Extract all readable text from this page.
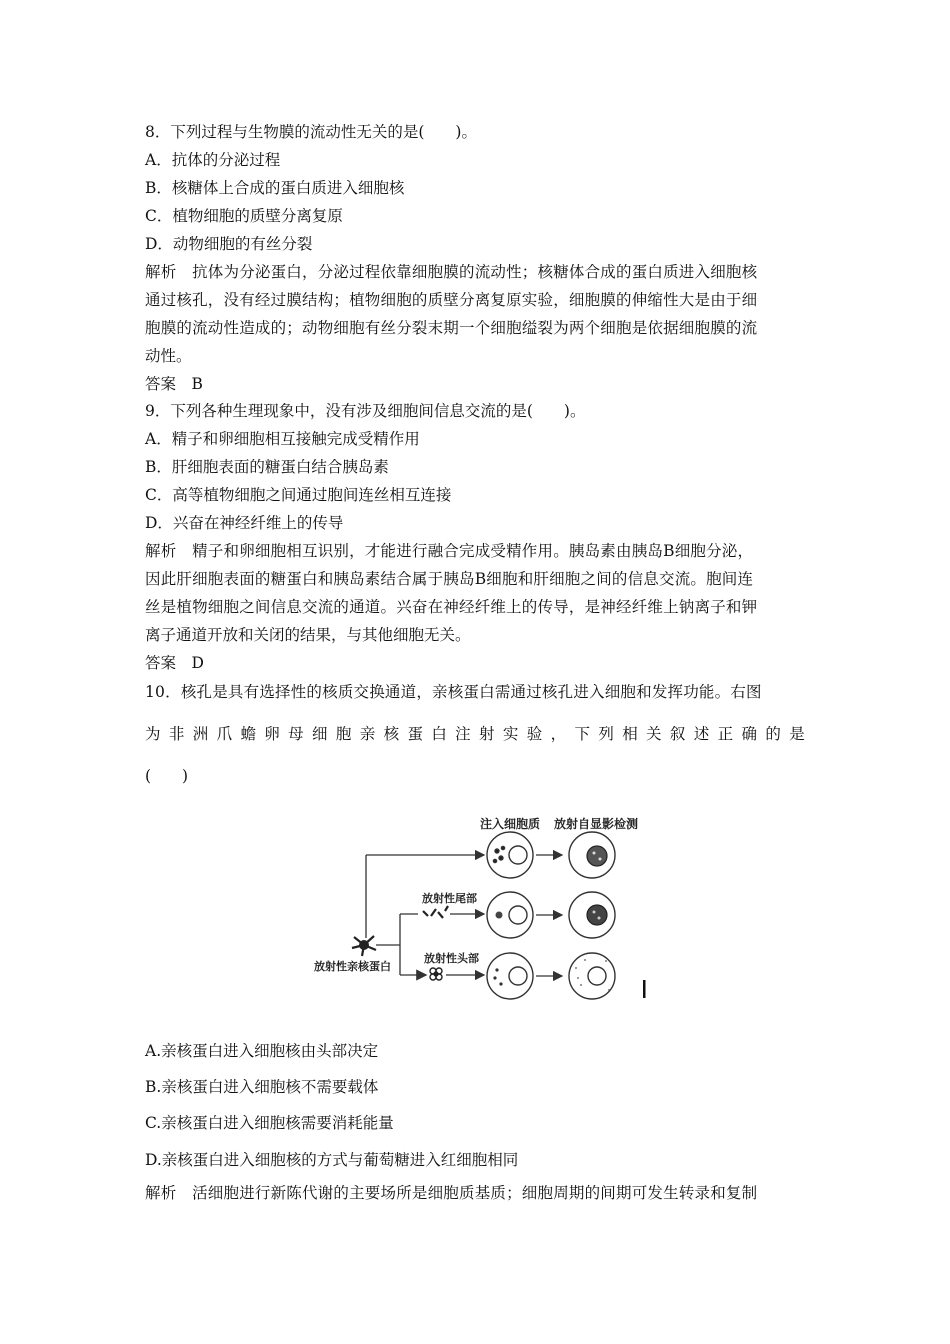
8．下列过程与生物膜的流动性无关的是(　　)。
A．抗体的分泌过程
B．核糖体上合成的蛋白质进入细胞核
C．植物细胞的质壁分离复原
D．动物细胞的有丝分裂
解析　抗体为分泌蛋白，分泌过程依靠细胞膜的流动性；核糖体合成的蛋白质进入细胞核
通过核孔，没有经过膜结构；植物细胞的质壁分离复原实验，细胞膜的伸缩性大是由于细
胞膜的流动性造成的；动物细胞有丝分裂末期一个细胞缢裂为两个细胞是依据细胞膜的流
动性。
答案　B
9．下列各种生理现象中，没有涉及细胞间信息交流的是(　　)。
A．精子和卵细胞相互接触完成受精作用
B．肝细胞表面的糖蛋白结合胰岛素
C．高等植物细胞之间通过胞间连丝相互连接
D．兴奋在神经纤维上的传导
解析　精子和卵细胞相互识别，才能进行融合完成受精作用。胰岛素由胰岛B细胞分泌，
因此肝细胞表面的糖蛋白和胰岛素结合属于胰岛B细胞和肝细胞之间的信息交流。胞间连
丝是植物细胞之间信息交流的通道。兴奋在神经纤维上的传导，是神经纤维上钠离子和钾
离子通道开放和关闭的结果，与其他细胞无关。
答案　D
10．核孔是具有选择性的核质交换通道，亲核蛋白需通过核孔进入细胞和发挥功能。右图
为 非 洲 爪 蟾 卵 母 细 胞 亲 核 蛋 白 注 射 实 验 ， 下 列 相 关 叙 述 正 确 的 是
(　　)
注入细胞质 放射自显影检测
放射性尾部
放射性头部
放射性亲核蛋白
A.亲核蛋白进入细胞核由头部决定
B.亲核蛋白进入细胞核不需要载体
C.亲核蛋白进入细胞核需要消耗能量
D.亲核蛋白进入细胞核的方式与葡萄糖进入红细胞相同
解析　活细胞进行新陈代谢的主要场所是细胞质基质；细胞周期的间期可发生转录和复制
